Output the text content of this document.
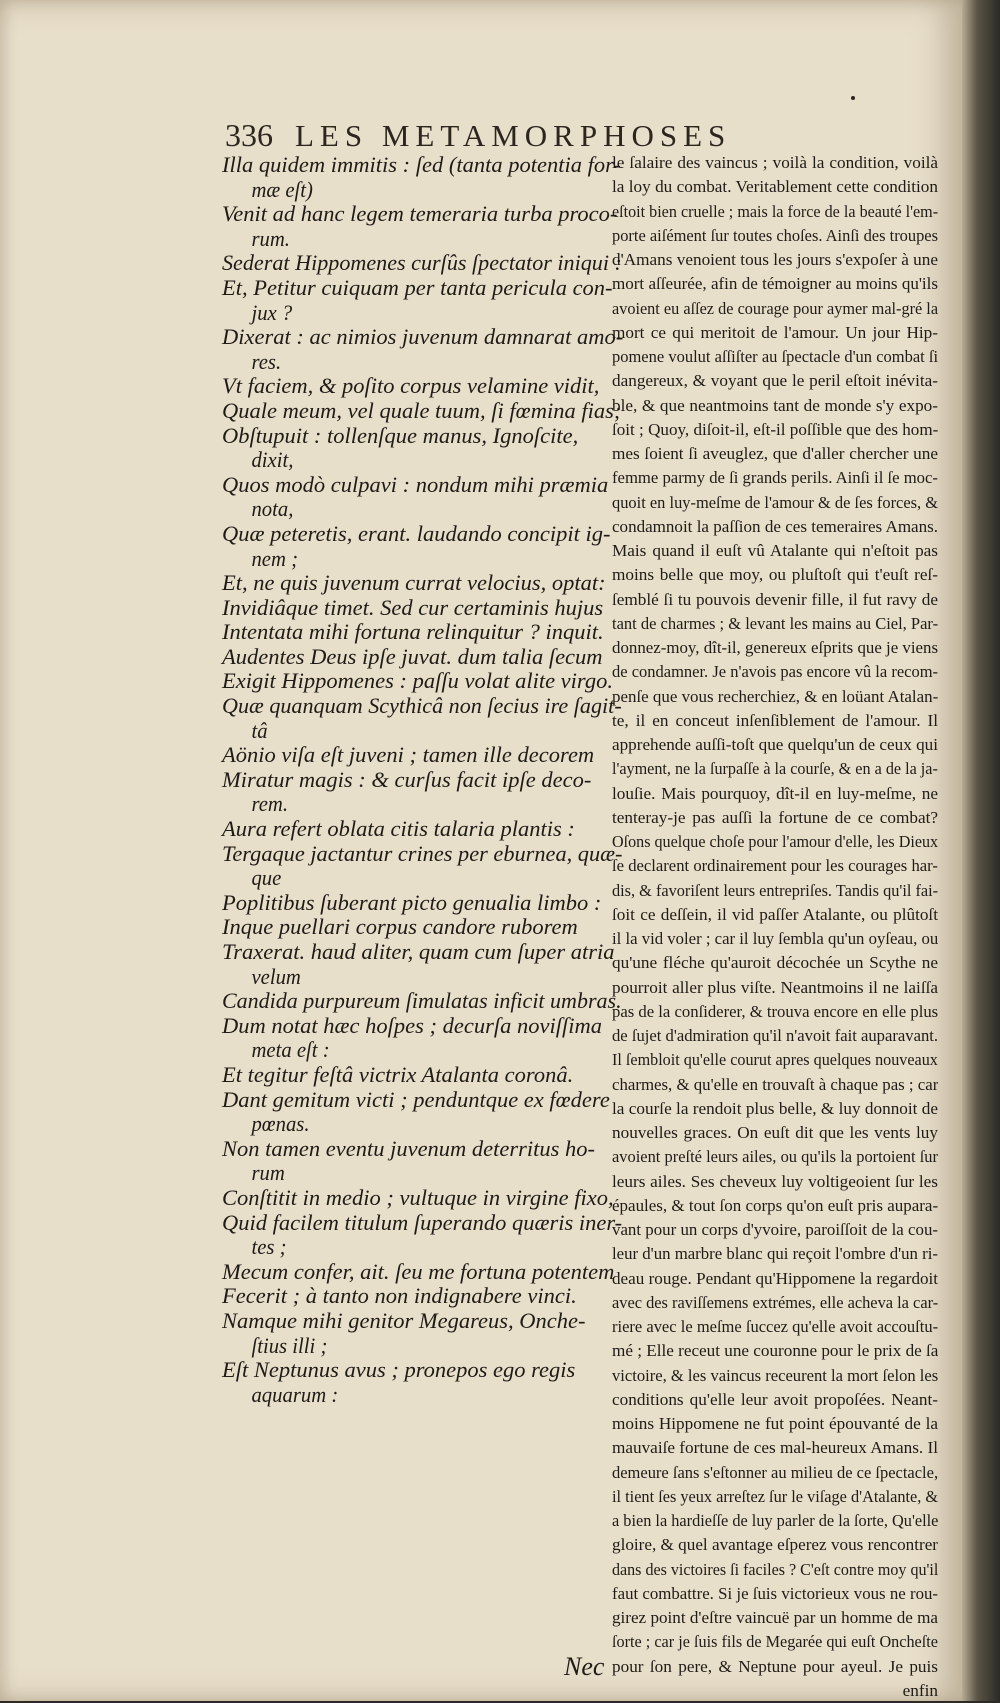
336 LES METAMORPHOSES
Illa quidem immitis : ſed (tanta potentia for-
mæ eſt)
Venit ad hanc legem temeraria turba proco-
rum.
Sederat Hippomenes curſûs ſpectator iniqui :
Et, Petitur cuiquam per tanta pericula con-
jux ?
Dixerat : ac nimios juvenum damnarat amo-
res.
Vt faciem, & poſito corpus velamine vidit,
Quale meum, vel quale tuum, ſi fœmina fias;
Obſtupuit : tollenſque manus, Ignoſcite,
dixit,
Quos modò culpavi : nondum mihi præmia
nota,
Quæ peteretis, erant. laudando concipit ig-
nem ;
Et, ne quis juvenum currat velocius, optat:
Invidiâque timet. Sed cur certaminis hujus
Intentata mihi fortuna relinquitur ? inquit.
Audentes Deus ipſe juvat. dum talia ſecum
Exigit Hippomenes : paſſu volat alite virgo.
Quæ quanquam Scythicâ non ſecius ire ſagit-
tâ
Aönio viſa eſt juveni ; tamen ille decorem
Miratur magis : & curſus facit ipſe deco-
rem.
Aura refert oblata citis talaria plantis :
Tergaque jactantur crines per eburnea, quæ-
que
Poplitibus ſuberant picto genualia limbo :
Inque puellari corpus candore ruborem
Traxerat. haud aliter, quam cum ſuper atria
velum
Candida purpureum ſimulatas inficit umbras.
Dum notat hæc hoſpes ; decurſa noviſſima
meta eſt :
Et tegitur feſtâ victrix Atalanta coronâ.
Dant gemitum victi ; penduntque ex fœdere
pœnas.
Non tamen eventu juvenum deterritus ho-
rum
Conſtitit in medio ; vultuque in virgine fixo,
Quid facilem titulum ſuperando quæris iner-
tes ;
Mecum confer, ait. ſeu me fortuna potentem
Fecerit ; à tanto non indignabere vinci.
Namque mihi genitor Megareus, Onche-
ſtius illi ;
Eſt Neptunus avus ; pronepos ego regis
aquarum :
le ſalaire des vaincus ; voilà la condition, voilà
la loy du combat. Veritablement cette condition
eſtoit bien cruelle ; mais la force de la beauté l'em-
porte aiſément ſur toutes choſes. Ainſi des troupes
d'Amans venoient tous les jours s'expoſer à une
mort aſſeurée, afin de témoigner au moins qu'ils
avoient eu aſſez de courage pour aymer mal-gré la
mort ce qui meritoit de l'amour. Un jour Hip-
pomene voulut aſſiſter au ſpectacle d'un combat ſi
dangereux, & voyant que le peril eſtoit inévita-
ble, & que neantmoins tant de monde s'y expo-
ſoit ; Quoy, diſoit-il, eſt-il poſſible que des hom-
mes ſoient ſi aveuglez, que d'aller chercher une
femme parmy de ſi grands perils. Ainſi il ſe moc-
quoit en luy-meſme de l'amour & de ſes forces, &
condamnoit la paſſion de ces temeraires Amans.
Mais quand il euſt vû Atalante qui n'eſtoit pas
moins belle que moy, ou pluſtoſt qui t'euſt reſ-
ſemblé ſi tu pouvois devenir fille, il fut ravy de
tant de charmes ; & levant les mains au Ciel, Par-
donnez-moy, dît-il, genereux eſprits que je viens
de condamner. Je n'avois pas encore vû la recom-
penſe que vous recherchiez, & en loüant Atalan-
te, il en conceut inſenſiblement de l'amour. Il
apprehende auſſi-toſt que quelqu'un de ceux qui
l'ayment, ne la ſurpaſſe à la courſe, & en a de la ja-
louſie. Mais pourquoy, dît-il en luy-meſme, ne
tenteray-je pas auſſi la fortune de ce combat?
Oſons quelque choſe pour l'amour d'elle, les Dieux
ſe declarent ordinairement pour les courages har-
dis, & favoriſent leurs entrepriſes. Tandis qu'il fai-
ſoit ce deſſein, il vid paſſer Atalante, ou plûtoſt
il la vid voler ; car il luy ſembla qu'un oyſeau, ou
qu'une fléche qu'auroit décochée un Scythe ne
pourroit aller plus viſte. Neantmoins il ne laiſſa
pas de la conſiderer, & trouva encore en elle plus
de ſujet d'admiration qu'il n'avoit fait auparavant.
Il ſembloit qu'elle courut apres quelques nouveaux
charmes, & qu'elle en trouvaſt à chaque pas ; car
la courſe la rendoit plus belle, & luy donnoit de
nouvelles graces. On euſt dit que les vents luy
avoient preſté leurs ailes, ou qu'ils la portoient ſur
leurs ailes. Ses cheveux luy voltigeoient ſur les
épaules, & tout ſon corps qu'on euſt pris aupara-
vant pour un corps d'yvoire, paroiſſoit de la cou-
leur d'un marbre blanc qui reçoit l'ombre d'un ri-
deau rouge. Pendant qu'Hippomene la regardoit
avec des raviſſemens extrémes, elle acheva la car-
riere avec le meſme ſuccez qu'elle avoit accouſtu-
mé ; Elle receut une couronne pour le prix de ſa
victoire, & les vaincus receurent la mort ſelon les
conditions qu'elle leur avoit propoſées. Neant-
moins Hippomene ne fut point épouvanté de la
mauvaiſe fortune de ces mal-heureux Amans. Il
demeure ſans s'eſtonner au milieu de ce ſpectacle,
il tient ſes yeux arreſtez ſur le viſage d'Atalante, &
a bien la hardieſſe de luy parler de la ſorte, Qu'elle
gloire, & quel avantage eſperez vous rencontrer
dans des victoires ſi faciles ? C'eſt contre moy qu'il
faut combattre. Si je ſuis victorieux vous ne rou-
girez point d'eſtre vaincuë par un homme de ma
ſorte ; car je ſuis fils de Megarée qui euſt Oncheſte
pour ſon pere, & Neptune pour ayeul. Je puis
enfin
Nec
